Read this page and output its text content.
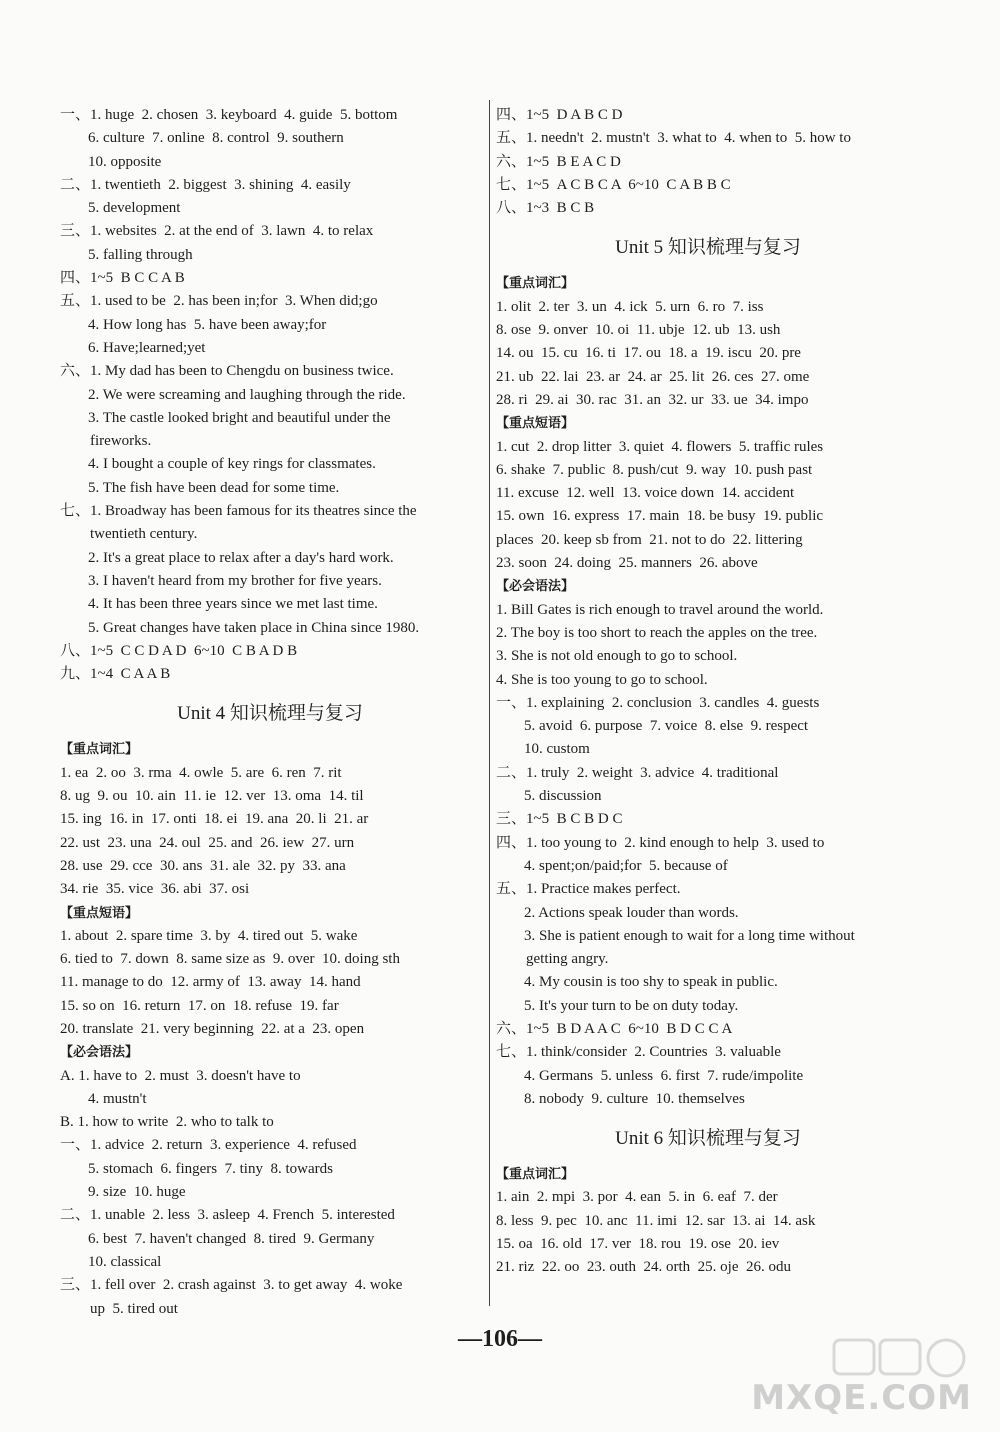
一、1. huge  2. chosen  3. keyboard  4. guide  5. bottom
6. culture  7. online  8. control  9. southern
10. opposite
二、1. twentieth  2. biggest  3. shining  4. easily
5. development
三、1. websites  2. at the end of  3. lawn  4. to relax
5. falling through
四、1~5  B C C A B
五、1. used to be  2. has been in;for  3. When did;go
4. How long has  5. have been away;for
6. Have;learned;yet
六、1. My dad has been to Chengdu on business twice.
2. We were screaming and laughing through the ride.
3. The castle looked bright and beautiful under the
fireworks.
4. I bought a couple of key rings for classmates.
5. The fish have been dead for some time.
七、1. Broadway has been famous for its theatres since the
twentieth century.
2. It's a great place to relax after a day's hard work.
3. I haven't heard from my brother for five years.
4. It has been three years since we met last time.
5. Great changes have taken place in China since 1980.
八、1~5  C C D A D  6~10  C B A D B
九、1~4  C A A B
Unit 4 知识梳理与复习
【重点词汇】
1. ea  2. oo  3. rma  4. owle  5. are  6. ren  7. rit
8. ug  9. ou  10. ain  11. ie  12. ver  13. oma  14. til
15. ing  16. in  17. onti  18. ei  19. ana  20. li  21. ar
22. ust  23. una  24. oul  25. and  26. iew  27. urn
28. use  29. cce  30. ans  31. ale  32. py  33. ana
34. rie  35. vice  36. abi  37. osi
【重点短语】
1. about  2. spare time  3. by  4. tired out  5. wake
6. tied to  7. down  8. same size as  9. over  10. doing sth
11. manage to do  12. army of  13. away  14. hand
15. so on  16. return  17. on  18. refuse  19. far
20. translate  21. very beginning  22. at a  23. open
【必会语法】
A. 1. have to  2. must  3. doesn't have to
4. mustn't
B. 1. how to write  2. who to talk to
一、1. advice  2. return  3. experience  4. refused
5. stomach  6. fingers  7. tiny  8. towards
9. size  10. huge
二、1. unable  2. less  3. asleep  4. French  5. interested
6. best  7. haven't changed  8. tired  9. Germany
10. classical
三、1. fell over  2. crash against  3. to get away  4. woke
up  5. tired out
四、1~5  D A B C D
五、1. needn't  2. mustn't  3. what to  4. when to  5. how to
六、1~5  B E A C D
七、1~5  A C B C A  6~10  C A B B C
八、1~3  B C B
Unit 5 知识梳理与复习
【重点词汇】
1. olit  2. ter  3. un  4. ick  5. urn  6. ro  7. iss
8. ose  9. onver  10. oi  11. ubje  12. ub  13. ush
14. ou  15. cu  16. ti  17. ou  18. a  19. iscu  20. pre
21. ub  22. lai  23. ar  24. ar  25. lit  26. ces  27. ome
28. ri  29. ai  30. rac  31. an  32. ur  33. ue  34. impo
【重点短语】
1. cut  2. drop litter  3. quiet  4. flowers  5. traffic rules
6. shake  7. public  8. push/cut  9. way  10. push past
11. excuse  12. well  13. voice down  14. accident
15. own  16. express  17. main  18. be busy  19. public
places  20. keep sb from  21. not to do  22. littering
23. soon  24. doing  25. manners  26. above
【必会语法】
1. Bill Gates is rich enough to travel around the world.
2. The boy is too short to reach the apples on the tree.
3. She is not old enough to go to school.
4. She is too young to go to school.
一、1. explaining  2. conclusion  3. candles  4. guests
5. avoid  6. purpose  7. voice  8. else  9. respect
10. custom
二、1. truly  2. weight  3. advice  4. traditional
5. discussion
三、1~5  B C B D C
四、1. too young to  2. kind enough to help  3. used to
4. spent;on/paid;for  5. because of
五、1. Practice makes perfect.
2. Actions speak louder than words.
3. She is patient enough to wait for a long time without
getting angry.
4. My cousin is too shy to speak in public.
5. It's your turn to be on duty today.
六、1~5  B D A A C  6~10  B D C C A
七、1. think/consider  2. Countries  3. valuable
4. Germans  5. unless  6. first  7. rude/impolite
8. nobody  9. culture  10. themselves
Unit 6 知识梳理与复习
【重点词汇】
1. ain  2. mpi  3. por  4. ean  5. in  6. eaf  7. der
8. less  9. pec  10. anc  11. imi  12. sar  13. ai  14. ask
15. oa  16. old  17. ver  18. rou  19. ose  20. iev
21. riz  22. oo  23. outh  24. orth  25. oje  26. odu
—106—
MXQE.COM
